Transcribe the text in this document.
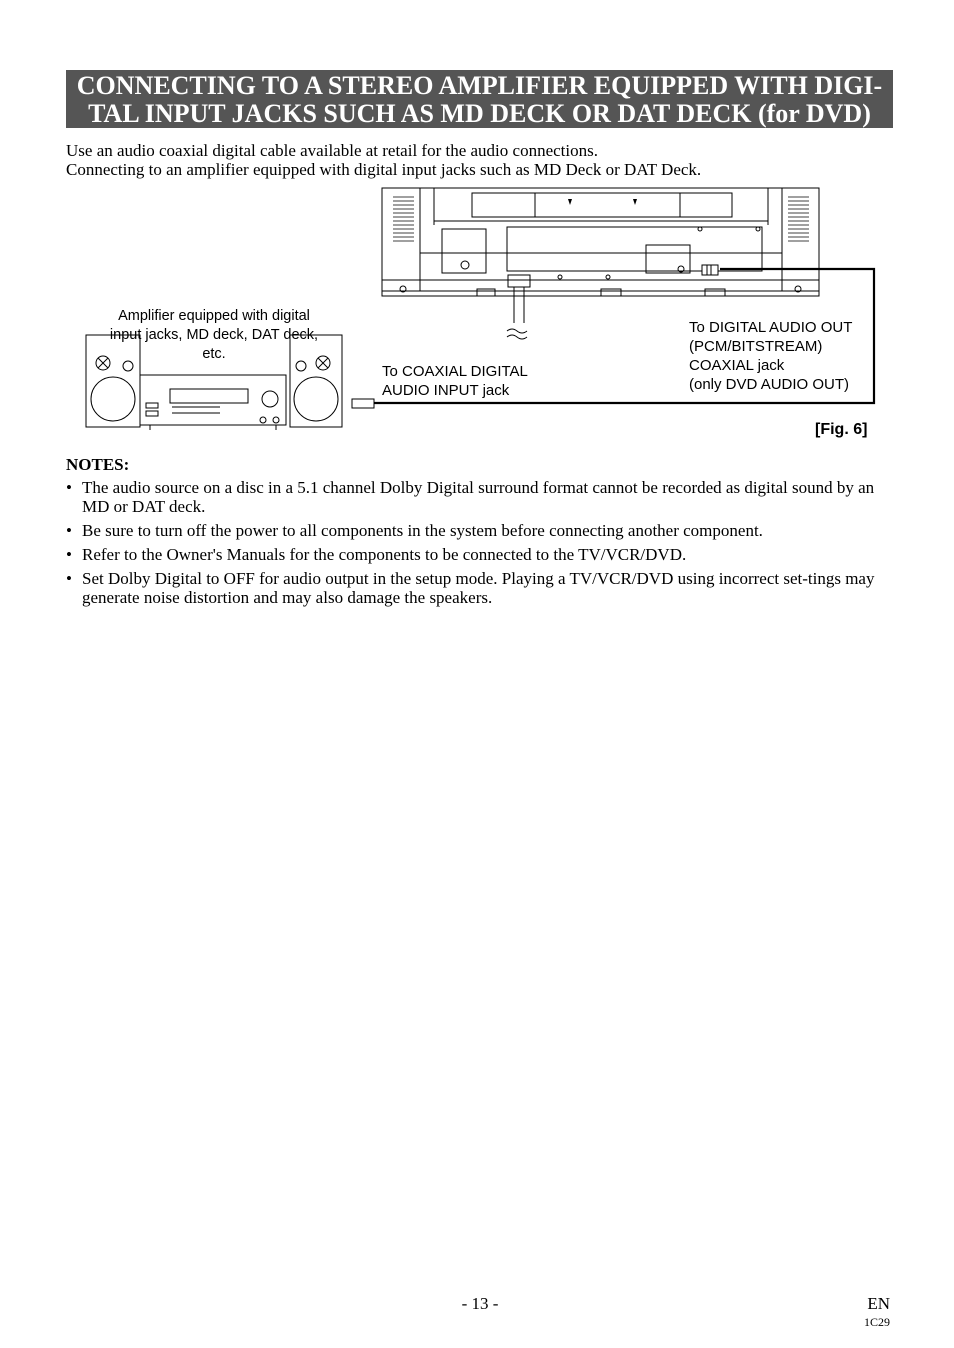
CONNECTING TO A STEREO AMPLIFIER EQUIPPED WITH DIGI-
TAL INPUT JACKS SUCH AS MD DECK OR DAT DECK (for DVD)

Use an audio coaxial digital cable available at retail for the audio connections.

Connecting to an amplifier equipped with digital input jacks such as MD Deck or DAT Deck.

Amplifier equipped with digital input jacks, MD deck, DAT deck, etc.
To COAXIAL DIGITAL
AUDIO INPUT jack
To DIGITAL AUDIO OUT
(PCM/BITSTREAM)
COAXIAL jack
(only DVD AUDIO OUT)
[Fig. 6]
NOTES:
• The audio source on a disc in a 5.1 channel Dolby Digital surround format cannot be recorded as digital sound by an MD or DAT deck.
• Be sure to turn off the power to all components in the system before connecting another component.
• Refer to the Owner's Manuals for the components to be connected to the TV/VCR/DVD.
• Set Dolby Digital to OFF for audio output in the setup mode. Playing a TV/VCR/DVD using incorrect set-tings may generate noise distortion and may also damage the speakers.
- 13 -	EN
1C29
